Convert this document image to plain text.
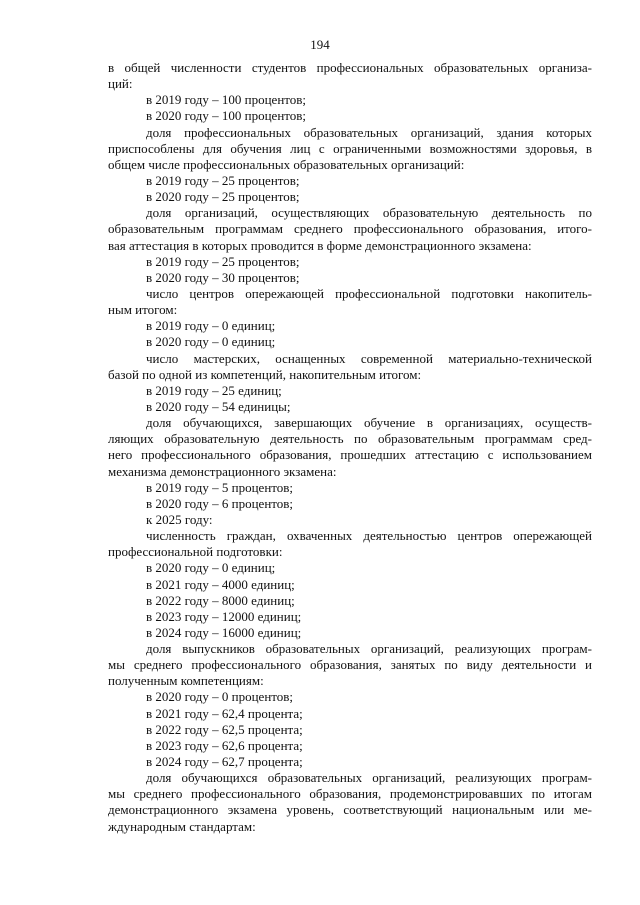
194
в общей численности студентов профессиональных образовательных организа-
ций:
в 2019 году – 100 процентов;
в 2020 году – 100 процентов;
доля профессиональных образовательных организаций, здания которых
приспособлены для обучения лиц с ограниченными возможностями здоровья, в
общем числе профессиональных образовательных организаций:
в 2019 году – 25 процентов;
в 2020 году – 25 процентов;
доля организаций, осуществляющих образовательную деятельность по
образовательным программам среднего профессионального образования, итого-
вая аттестация в которых проводится в форме демонстрационного экзамена:
в 2019 году – 25 процентов;
в 2020 году – 30 процентов;
число центров опережающей профессиональной подготовки накопитель-
ным итогом:
в 2019 году – 0 единиц;
в 2020 году – 0 единиц;
число мастерских, оснащенных современной материально-технической
базой по одной из компетенций, накопительным итогом:
в 2019 году – 25 единиц;
в 2020 году – 54 единицы;
доля обучающихся, завершающих обучение в организациях, осуществ-
ляющих образовательную деятельность по образовательным программам сред-
него профессионального образования, прошедших аттестацию с использованием
механизма демонстрационного экзамена:
в 2019 году – 5 процентов;
в 2020 году – 6 процентов;
к 2025 году:
численность граждан, охваченных деятельностью центров опережающей
профессиональной подготовки:
в 2020 году – 0 единиц;
в 2021 году – 4000 единиц;
в 2022 году – 8000 единиц;
в 2023 году – 12000 единиц;
в 2024 году – 16000 единиц;
доля выпускников образовательных организаций, реализующих програм-
мы среднего профессионального образования, занятых по виду деятельности и
полученным компетенциям:
в 2020 году – 0 процентов;
в 2021 году – 62,4 процента;
в 2022 году – 62,5 процента;
в 2023 году – 62,6 процента;
в 2024 году – 62,7 процента;
доля обучающихся образовательных организаций, реализующих програм-
мы среднего профессионального образования, продемонстрировавших по итогам
демонстрационного экзамена уровень, соответствующий национальным или ме-
ждународным стандартам:
